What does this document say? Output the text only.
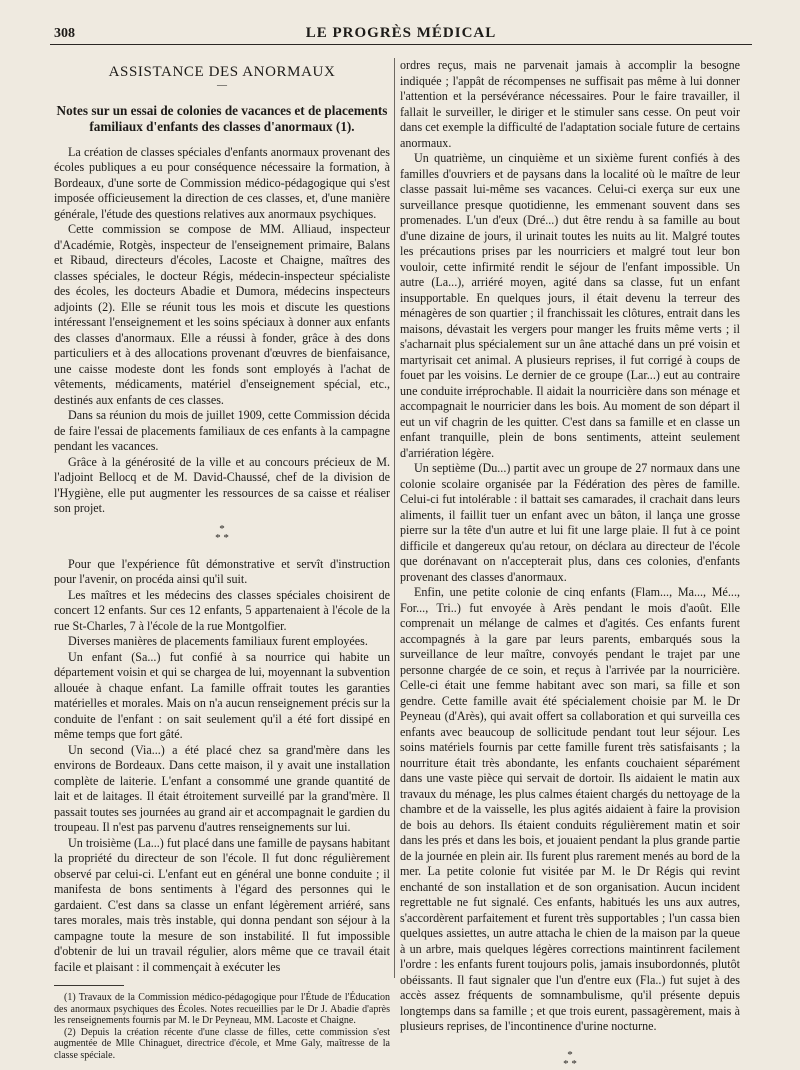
308	LE PROGRÈS MÉDICAL

ASSISTANCE DES ANORMAUX

—

Notes sur un essai de colonies de vacances et de placements familiaux d'enfants des classes d'anormaux (1).

La création de classes spéciales d'enfants anormaux provenant des écoles publiques a eu pour conséquence nécessaire la formation, à Bordeaux, d'une sorte de Commission médico-pédagogique qui s'est imposée officieusement la direction de ces classes, et, d'une manière générale, l'étude des questions relatives aux anormaux psychiques.

Cette commission se compose de MM. Alliaud, inspecteur d'Académie, Rotgès, inspecteur de l'enseignement primaire, Balans et Ribaud, directeurs d'écoles, Lacoste et Chaigne, maîtres des classes spéciales, le docteur Régis, médecin-inspecteur spécialiste des écoles, les docteurs Abadie et Dumora, médecins inspecteurs adjoints (2). Elle se réunit tous les mois et discute les questions intéressant l'enseignement et les soins spéciaux à donner aux enfants des classes d'anormaux. Elle a réussi à fonder, grâce à des dons particuliers et à des allocations provenant d'œuvres de bienfaisance, une caisse modeste dont les fonds sont employés à l'achat de vêtements, médicaments, matériel d'enseignement spécial, etc., destinés aux enfants de ces classes.

Dans sa réunion du mois de juillet 1909, cette Commission décida de faire l'essai de placements familiaux de ces enfants à la campagne pendant les vacances.

Grâce à la générosité de la ville et au concours précieux de M. l'adjoint Bellocq et de M. David-Chaussé, chef de la division de l'Hygiène, elle put augmenter les ressources de sa caisse et réaliser son projet.

*
* *

Pour que l'expérience fût démonstrative et servît d'instruction pour l'avenir, on procéda ainsi qu'il suit.

Les maîtres et les médecins des classes spéciales choisirent de concert 12 enfants. Sur ces 12 enfants, 5 appartenaient à l'école de la rue St-Charles, 7 à l'école de la rue Montgolfier.

Diverses manières de placements familiaux furent employées.

Un enfant (Sa...) fut confié à sa nourrice qui habite un département voisin et qui se chargea de lui, moyennant la subvention allouée à chaque enfant. La famille offrait toutes les garanties matérielles et morales. Mais on n'a aucun renseignement précis sur la conduite de l'enfant : on sait seulement qu'il a été fort dissipé en même temps que fort gâté.

Un second (Via...) a été placé chez sa grand'mère dans les environs de Bordeaux. Dans cette maison, il y avait une installation complète de laiterie. L'enfant a consommé une grande quantité de lait et de laitages. Il était étroitement surveillé par la grand'mère. Il passait toutes ses journées au grand air et accompagnait le gardien du troupeau. Il n'est pas parvenu d'autres renseignements sur lui.

Un troisième (La...) fut placé dans une famille de paysans habitant la propriété du directeur de son l'école. Il fut donc régulièrement observé par celui-ci. L'enfant eut en général une bonne conduite ; il manifesta de bons sentiments à l'égard des personnes qui le gardaient. C'est dans sa classe un enfant légèrement arriéré, sans tares morales, mais très instable, qui donna pendant son séjour à la campagne toute la mesure de son instabilité. Il fut impossible d'obtenir de lui un travail régulier, alors même que ce travail était facile et plaisant : il commençait à exécuter les

(1) Travaux de la Commission médico-pédagogique pour l'Étude de l'Éducation des anormaux psychiques des Écoles. Notes recueillies par le Dr J. Abadie d'après les renseignements fournis par M. le Dr Peyneau, MM. Lacoste et Chaigne.

(2) Depuis la création récente d'une classe de filles, cette commission s'est augmentée de Mlle Chinaguet, directrice d'école, et Mme Galy, maîtresse de la classe spéciale.

ordres reçus, mais ne parvenait jamais à accomplir la besogne indiquée ; l'appât de récompenses ne suffisait pas même à lui donner l'attention et la persévérance nécessaires. Pour le faire travailler, il fallait le surveiller, le diriger et le stimuler sans cesse. On peut voir dans cet exemple la difficulté de l'adaptation sociale future de certains anormaux.

Un quatrième, un cinquième et un sixième furent confiés à des familles d'ouvriers et de paysans dans la localité où le maître de leur classe passait lui-même ses vacances. Celui-ci exerça sur eux une surveillance presque quotidienne, les emmenant souvent dans ses promenades. L'un d'eux (Dré...) dut être rendu à sa famille au bout d'une dizaine de jours, il urinait toutes les nuits au lit. Malgré toutes les précautions prises par les nourriciers et malgré tout leur bon vouloir, cette infirmité rendit le séjour de l'enfant impossible. Un autre (La...), arriéré moyen, agité dans sa classe, fut un enfant insupportable. En quelques jours, il était devenu la terreur des ménagères de son quartier ; il franchissait les clôtures, entrait dans les maisons, dévastait les vergers pour manger les fruits même verts ; il s'acharnait plus spécialement sur un âne attaché dans un pré voisin et martyrisait cet animal. A plusieurs reprises, il fut corrigé à coups de fouet par les voisins. Le dernier de ce groupe (Lar...) eut au contraire une conduite irréprochable. Il aidait la nourricière dans son ménage et accompagnait le nourricier dans les bois. Au moment de son départ il eut un vif chagrin de les quitter. C'est dans sa famille et en classe un enfant tranquille, plein de bons sentiments, atteint seulement d'arriération légère.

Un septième (Du...) partit avec un groupe de 27 normaux dans une colonie scolaire organisée par la Fédération des pères de famille. Celui-ci fut intolérable : il battait ses camarades, il crachait dans leurs aliments, il faillit tuer un enfant avec un bâton, il lança une grosse pierre sur la tête d'un autre et lui fit une large plaie. Il fut à ce point difficile et dangereux qu'au retour, on déclara au directeur de l'école que dorénavant on n'accepterait plus, dans ces colonies, d'enfants provenant des classes d'anormaux.

Enfin, une petite colonie de cinq enfants (Flam..., Ma..., Mé..., For..., Tri..) fut envoyée à Arès pendant le mois d'août. Elle comprenait un mélange de calmes et d'agités. Ces enfants furent accompagnés à la gare par leurs parents, embarqués sous la surveillance de leur maître, convoyés pendant le trajet par une personne chargée de ce soin, et reçus à l'arrivée par la nourricière. Celle-ci était une femme habitant avec son mari, sa fille et son gendre. Cette famille avait été spécialement choisie par M. le Dr Peyneau (d'Arès), qui avait offert sa collaboration et qui surveilla ces enfants avec beaucoup de sollicitude pendant tout leur séjour. Les soins matériels fournis par cette famille furent très satisfaisants ; la nourriture était très abondante, les enfants couchaient séparément dans une vaste pièce qui servait de dortoir. Ils aidaient le matin aux travaux du ménage, les plus calmes étaient chargés du nettoyage de la chambre et de la vaisselle, les plus agités aidaient à faire la provision de bois au dehors. Ils étaient conduits régulièrement matin et soir dans les prés et dans les bois, et jouaient pendant la plus grande partie de la journée en plein air. Ils furent plus rarement menés au bord de la mer. La petite colonie fut visitée par M. le Dr Régis qui revint enchanté de son installation et de son organisation. Aucun incident regrettable ne fut signalé. Ces enfants, habitués les uns aux autres, s'accordèrent parfaitement et furent très supportables ; l'un cassa bien quelques assiettes, un autre attacha le chien de la maison par la queue à un arbre, mais quelques légères corrections maintinrent facilement l'ordre : les enfants furent toujours polis, jamais insubordonnés, plutôt obéissants. Il faut signaler que l'un d'entre eux (Fla..) fut sujet à des accès assez fréquents de somnambulisme, qu'il présente depuis longtemps dans sa famille ; et que trois eurent, passagèrement, mais à plusieurs reprises, de l'incontinence d'urine nocturne.

*
* *
